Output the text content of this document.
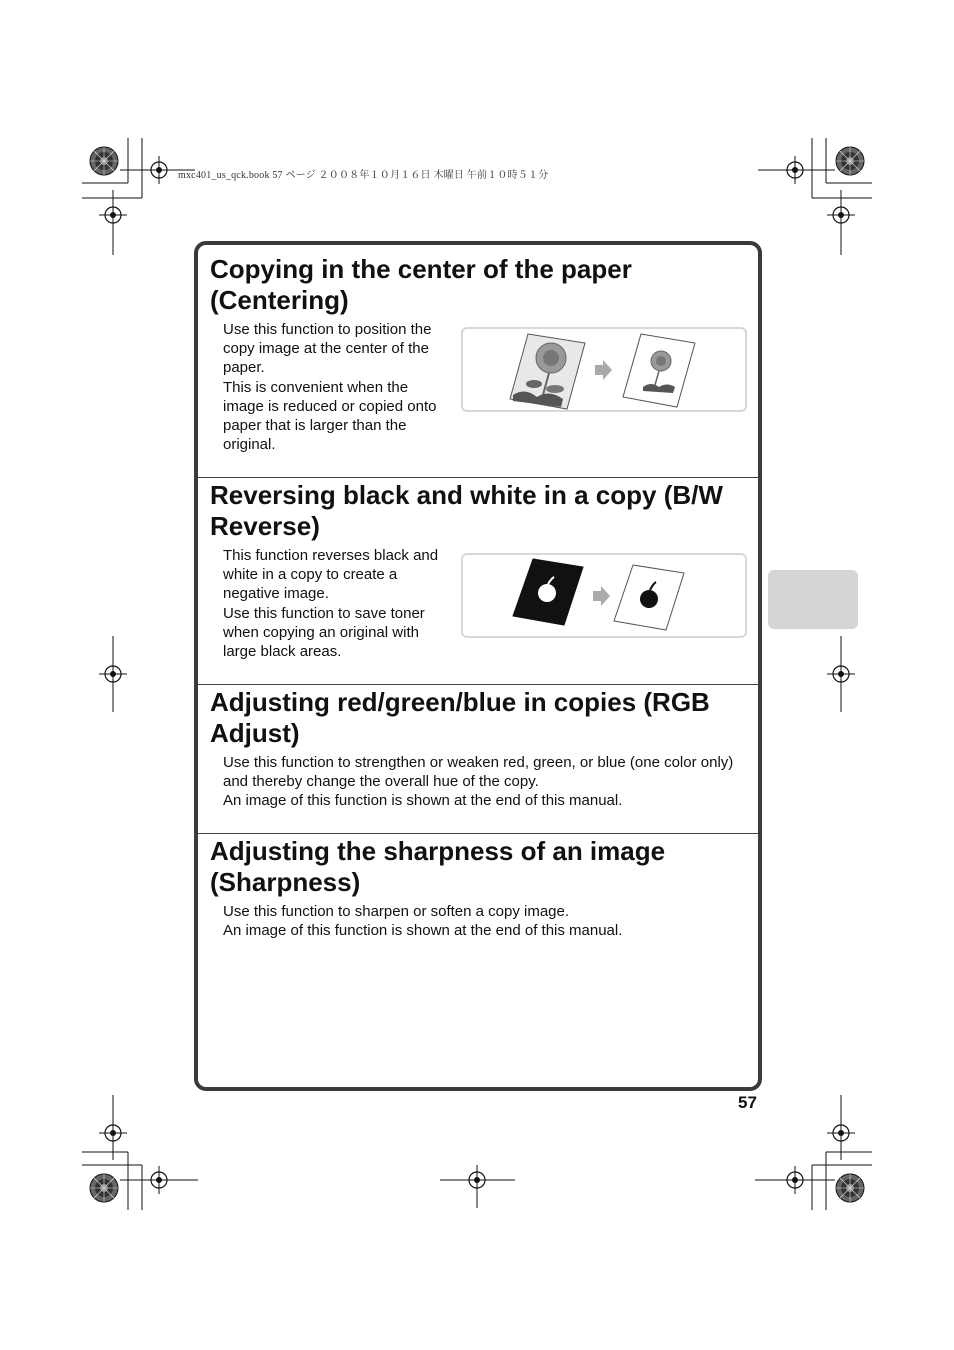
mxc401_us_qck.book 57 ページ ２００８年１０月１６日 木曜日 午前１０時５１分
Copying in the center of the paper (Centering)

Use this function to position the copy image at the center of the paper.

This is convenient when the image is reduced or copied onto paper that is larger than the original.

Reversing black and white in a copy (B/W Reverse)

This function reverses black and white in a copy to create a negative image.

Use this function to save toner when copying an original with large black areas.

Adjusting red/green/blue in copies (RGB Adjust)

Use this function to strengthen or weaken red, green, or blue (one color only) and thereby change the overall hue of the copy.

An image of this function is shown at the end of this manual.

Adjusting the sharpness of an image (Sharpness)

Use this function to sharpen or soften a copy image.

An image of this function is shown at the end of this manual.

57
